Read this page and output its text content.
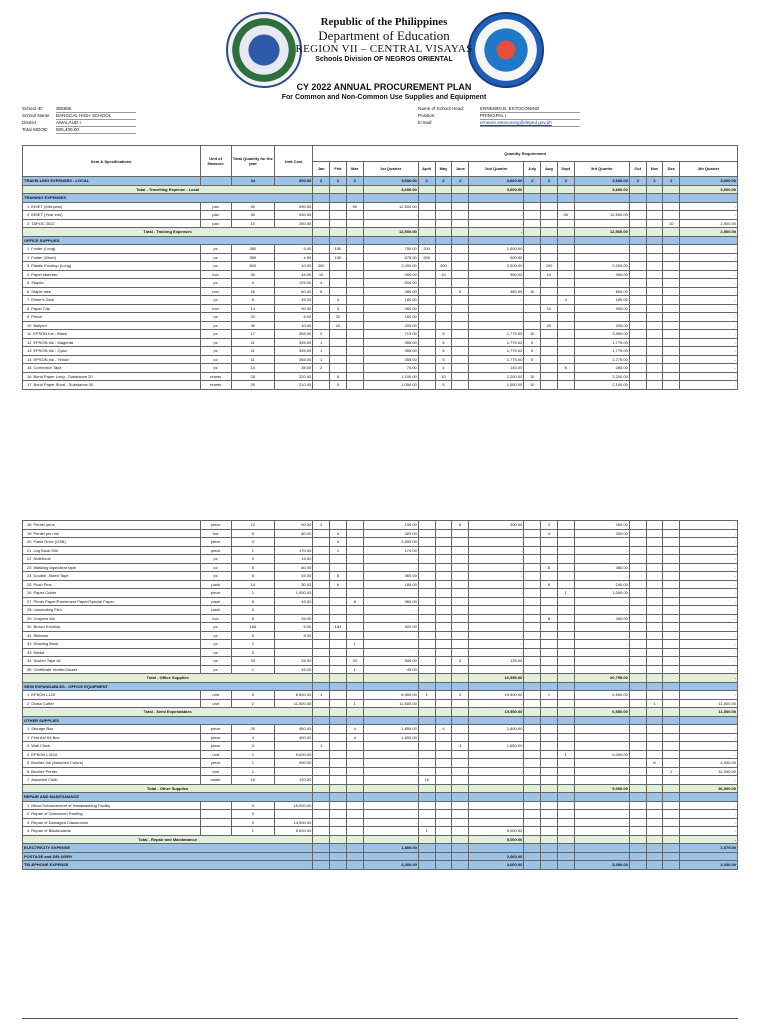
Republic of the Philippines
Department of Education
REGION VII – CENTRAL VISAYAS
Schools Division OF NEGROS ORIENTAL
CY 2022 ANNUAL PROCUREMENT PLAN
For Common and Non-Common Use Supplies and Equipment
School ID:	305555
School Name	BANGCAL HIGH SCHOOL
District	AMALAUD I
Total MOOE:	505,400.00
Name of School Head:	ERNEWIN B. ESTOCONING
Position:	PRINCIPAL I
E-mail:	ernewin.estoconing@deped.gov.ph
Item & Specifications	Unit of Measure	Total Quantity for the year	Unit Cost	Quantity Requirement															
				Jan	Feb	Mar	1st Quarter	April	May	June	2nd Quarter	July	Aug	Sept	3rd Quarter	Oct	Nov	Dec	4th Quarter
TRAVELLING EXPENSES - LOCAL		24	600.00	2	2	2	3,600.00	2	2	2	3,600.00	2	2	2	3,600.00	2	2	2	3,600.00
Total - Travelling Expense - Local							3,600.00				3,600.00				3,600.00				3,600.00
TRAINING EXPENSES																			
1 INSET (Mid-year)	pax	50	250.00			50	12,500.00				-				-				-
2 INSET (Year end)	pax	50	250.00				-				-			50	12,500.00				-
3 TAPOC 2022	pax	10	250.00				-				-				-			10	2,500.00
Total - Training Expenses							12,500.00				-				12,500.00				2,500.00
OFFICE SUPPLIES																			
1 Folder (Long)	pc	350	5.00		150		750.00	200			1,000.00				-				-
2 Folder (Short)	pc	350	4.50		150		675.00	200			900.00				-				-
3 Plastic Envelop (Long)	pc	600	10.00	200			2,000.00		200		2,000.00		200		2,000.00				-
4 Paper fastener	box	30	45.00	10			450.00		10		900.00		10		900.00				-
5 Stapler	pc	4	125.00	4			500.00				-				-				-
6 Staple wire	box	26	60.00	8			480.00			8	480.00	10			600.00				-
7 Elmer's Glue	pc	8	45.00		4		180.00				-			4	180.00				-
8 Paper Clip	box	14	90.00		4		360.00				-		10		900.00				-
9 Pencil	pc	20	8.00		20		160.00				-				-				-
10 Ballpen	pc	40	10.00		20		200.00				-		20		200.00				-
11 EPSON Ink - Black	pc	17	355.00	2			710.00		5		1,775.00	10			3,550.00				-
12 EPSON Ink - Magenta	pc	11	355.00	1			355.00		5		1,775.00	5			1,775.00				-
13 EPSON Ink - Cyan	pc	11	355.00	1			355.00		5		1,775.00	5			1,775.00				-
14 EPSON Ink - Yellow	pc	11	355.00	1			355.00		5		1,775.00	5			1,775.00				-
15 Correction Tape	pc	14	35.00	2			70.00		4		140.00			8	280.00				-
16 Bond Paper Long - Substance 20	reams	25	220.00		5		1,100.00		10		2,200.00	10			2,200.00				-
17 Bond Paper Short - Substance 20	reams	20	210.00		5		1,050.00		5		1,050.00	10			2,100.00				-
18 Pentel pens	piece	12	50.00	2			100.00			6	300.00		4		200.00				-
19 Pentel pen ink	bot	8	80.00		4		320.00				-		4		320.00				-
20 Flash Drive (USB)	piece	4			4		2,600.00				-				-				-
21 Log Book 500	piece	1	170.00		1		170.00				-				-				-
22 Notebook	pc	0	15.00				-				-				-				-
23 Masking tape/clear tape	pc	8	60.00				-				-		8		480.00				-
24 Double -Sided Tape	pc	8	45.00		8		360.00				-				-				-
25 Push Pins	pack	14	30.00		6		180.00				-		8		240.00				-
26 Paper Cutter	piece	1	1,000.00				-				-			1	1,000.00				-
27 Photo Paper/Parchment Paper/Special Paper	pack	8	45.00			8	360.00				-				-				-
28 Laminating Film	pack	0					-				-				-				-
29 Crayons 8/s	box	8	35.00				-				-		8		280.00				-
30 Brown Envelop	pc	184	5.00		184		920.00				-				-				-
31 Ribbons	pc	0	8.00				-				-				-				-
32 Drawing Book	pc	1				1					-				-				-
33 Medal	pc	0					-				-				-				-
34 Scotch Tape #1	pc	25	25.00			20	500.00			5	125.00				-				-
35 Certificate Holder/Jacket	pc	1	45.00			1	45.00				-				-				-
Total - Office Supplies											16,595.00				20,755.00				-
SEMI EXPANDABLES - OFFICE EQUIPMENT																			
1 EPSON L120	unit	5	6,500.00	1			6,500.00	1		2	19,500.00		1		6,500.00				-
2 Grass Cutter	unit	2	11,500.00			1	11,500.00				-				-		1		11,500.00
Total - Semi Expendables											19,500.00				6,500.00				11,500.00
OTHER SUPPLIES																			
1 Storage Box	piece	20	450.00			4	1,800.00		4		1,800.00				-				-
2 First Aid Kit Box	piece	4	400.00			4	1,600.00				-				-				-
3 Wall Clock	piece	4		1						3	1,650.00				-				-
4 EPSON L3110	unit	1	9,000.00				-				-			1	9,000.00				-
5 Brother Ink (Assorted Colors)	piece	1	500.00				-				-				-		8		4,000.00
6 Brother Printer	unit	1					-				-				-			2	32,000.00
7 Assorted Cloth	meter	16	120.00				-	16							-				-
Total - Other Supplies															9,000.00				36,000.00
REPAIR AND MAINTANANCE																			
1 Minor Enhancement of Handwashing Facility		0	15,000.00				-								-				-
2 Repair of Classroom Roofing		0					-								-				-
3 Repair of Damaged Classrooms		0	14,000.00				-								-				-
4 Repair of Blackboards		1	5,000.00					1			5,000.00				-				-
Total - Repair and Maintanance											5,000.00								-
ELECTRICITY EXPENSE							1,800.00												1,675.00
POSTAGE and DELIVERY											2,000.00								
TELEPHONE EXPENSE							3,000.00				3,000.00				3,000.00				3,000.00
